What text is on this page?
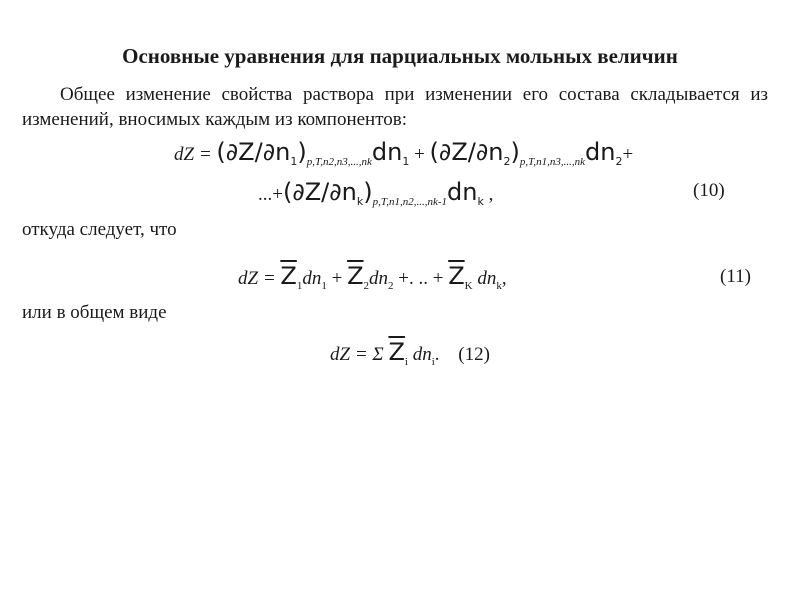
Основные уравнения для парциальных мольных величин
Общее изменение свойства раствора при изменении его состава складывается из изменений, вносимых каждым из компонентов:
dZ = $(\partial Z/\partial n_1)_{p,T,n2,n3,...,nk}dn_1 + (\partial Z/\partial n_2)_{p,T,n1,n3,...,nk}dn_2+$
$...+(\partial Z/\partial n_k)_{p,T,n1,n2,...,nk-1}dn_k$ ,	(10)
откуда следует, что
dZ = $\overline{Z}_1dn_1 + \overline{Z}_2dn_2$ +. .. + $\overline{Z}_K$ $dn_k$,	(11)
или в общем виде
dZ = Σ $\overline{Z}_i$ $dn_i$. (12)
